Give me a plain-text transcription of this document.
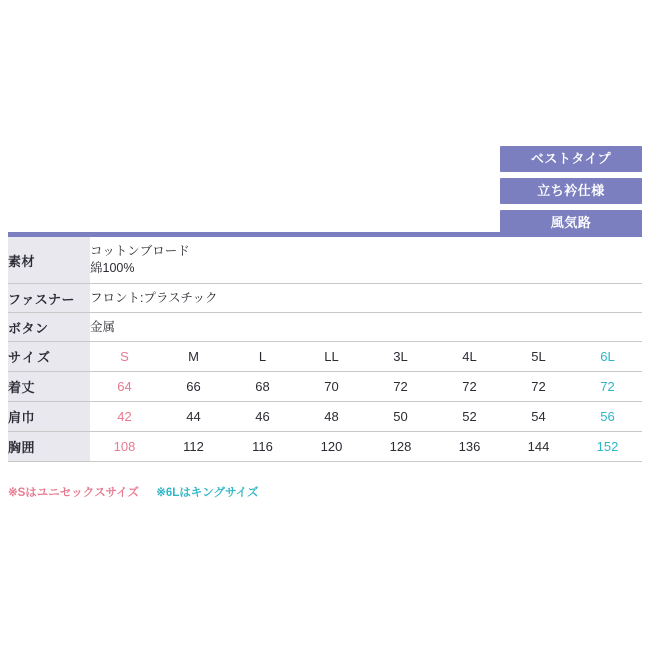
ベストタイプ
立ち衿仕様
風気路
素材	コットンブロード
綿100%							

ファスナー	フロント:プラスチック							
ボタン	金属							
サイズ	S	M	L	LL	3L	4L	5L	6L
着丈	64	66	68	70	72	72	72	72
肩巾	42	44	46	48	50	52	54	56
胸囲	108	112	116	120	128	136	144	152
※Sはユニセックスサイズ ※6Lはキングサイズ
